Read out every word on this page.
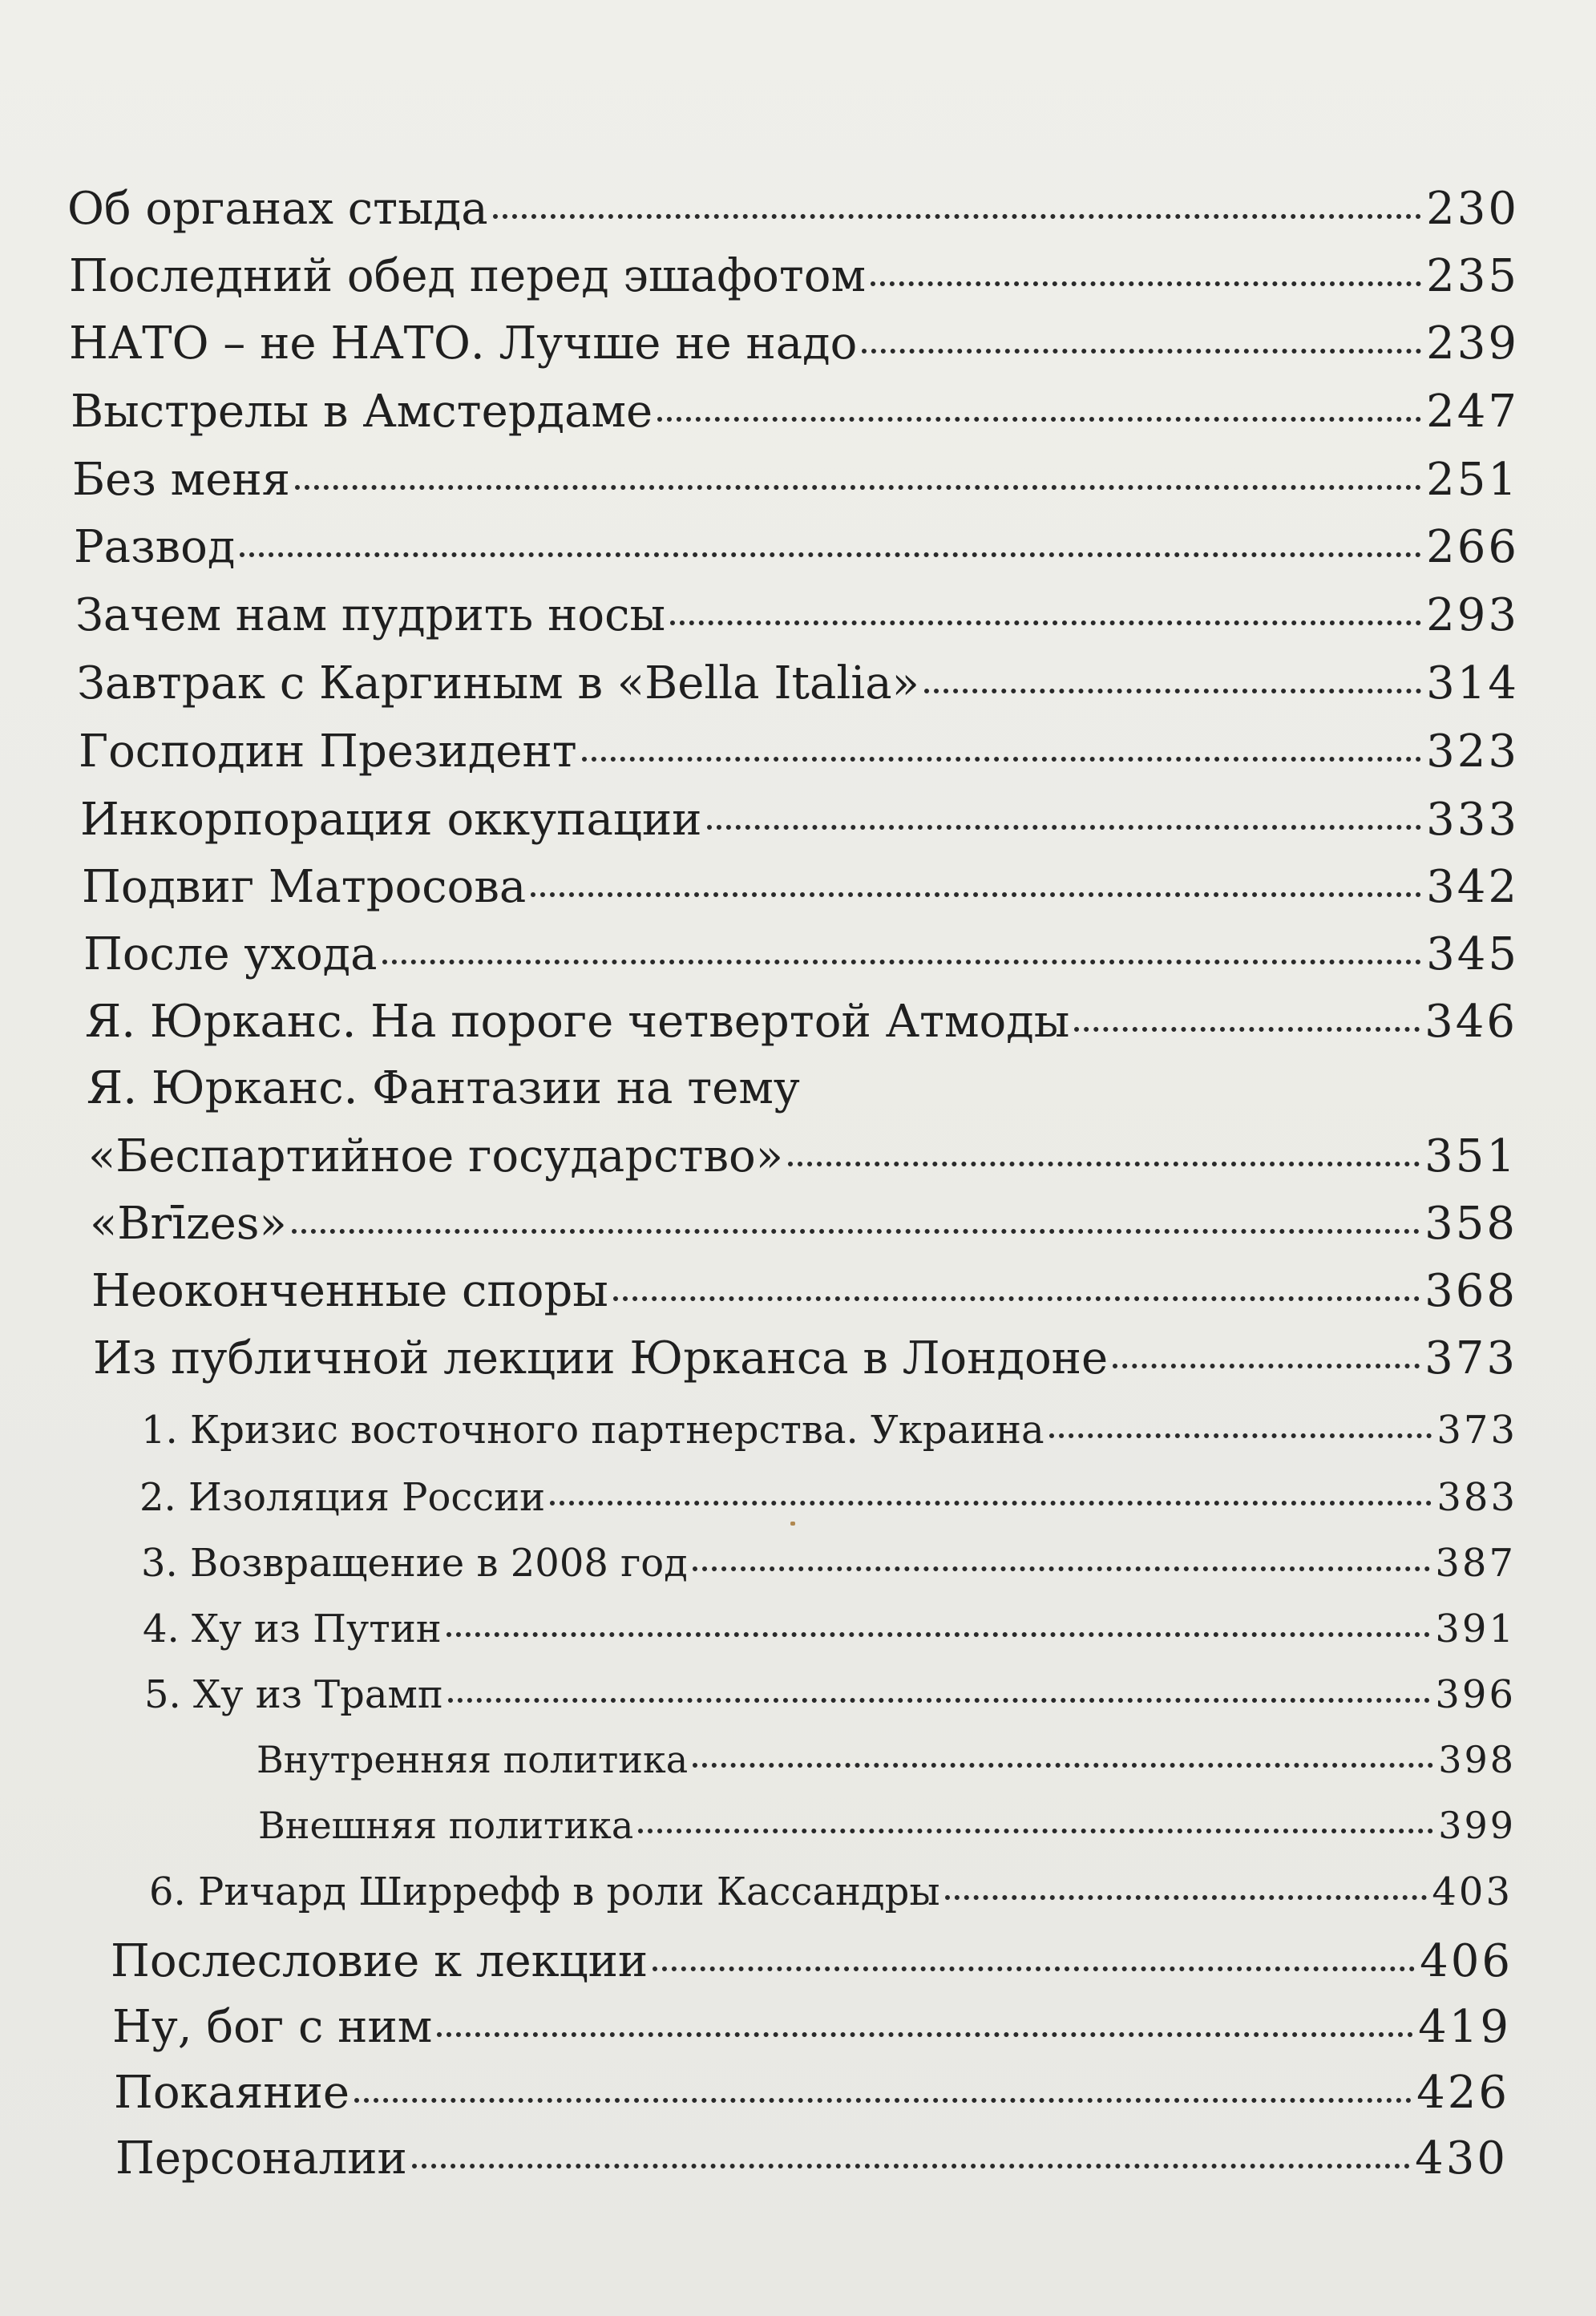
Об органах стыда	230
Последний обед перед эшафотом	235
НАТО – не НАТО. Лучше не надо	239
Выстрелы в Амстердаме	247
Без меня	251
Развод	266
Зачем нам пудрить носы	293
Завтрак с Каргиным в «Bella Italia»	314
Господин Президент	323
Инкорпорация оккупации	333
Подвиг Матросова	342
После ухода	345
Я. Юрканс. На пороге четвертой Атмоды	346
Я. Юрканс. Фантазии на тему
«Беспартийное государство»	351
«Brīzes»	358
Неоконченные споры	368
Из публичной лекции Юрканса в Лондоне	373
1. Кризис восточного партнерства. Украина	373
2. Изоляция России	383
3. Возвращение в 2008 год	387
4. Ху из Путин	391
5. Ху из Трамп	396
Внутренняя политика	398
Внешняя политика	399
6. Ричард Ширрефф в роли Кассандры	403
Послесловие к лекции	406
Ну, бог с ним	419
Покаяние	426
Персоналии	430
